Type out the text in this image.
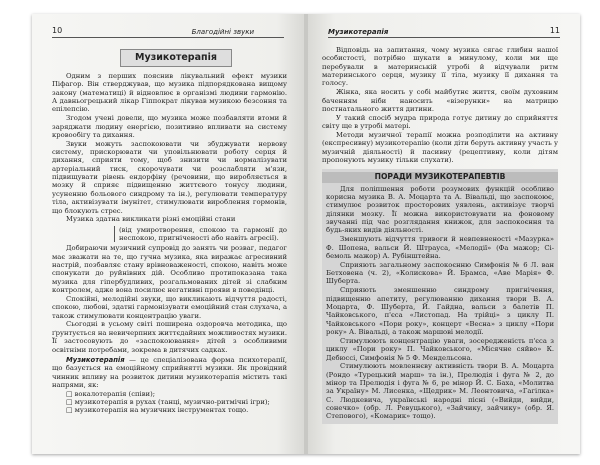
10	Благодійні звуки
Музикотерапія

Одним з перших пояснив лікувальний ефект музики Піфагор. Він стверджував, що музика підпорядкована вищому закону (математиці) й відновлює в організмі людини гармонію. А давньогрецький лікар Гіппократ лікував музикою безсоння та епілепсію.

Згодом учені довели, що музика може позбавляти втоми й заряджати людину енергією, позитивно впливати на систему кровообігу та дихання.

Звуки можуть заспокоювати чи збуджувати нервову систему, прискорювати чи уповільнювати роботу серця й дихання, сприяти тому, щоб знизити чи нормалізувати артеріальний тиск, скорочувати чи розслабляти м'язи, підвищувати рівень ендорфіну (речовини, що виробляється в мозку й сприяє підвищенню життєвого тонусу людини, усуненню больового синдрому та ін.), регулювати температуру тіла, активізувати імунітет, стимулювати вироблення гормонів, що блокують стрес.

Музика здатна викликати різні емоційні стани

(від умиротворення, спокою та гармонії до неспокою, пригніченості або навіть агресії).

Добираючи музичний супровід до занять чи розваг, педагог має зважати на те, що гучна музика, яка виражає агресивний настрій, позбавляє стану врівноваженості, спокою, навіть може спонукати до руйнівних дій. Особливо протипоказана така музика для гіпербудливих, розгальмованих дітей зі слабким контролем, адже вона посилює негативні прояви в поведінці.

Спокійні, мелодійні звуки, що викликають відчуття радості, спокою, любові, здатні гармонізувати емоційний стан слухача, а також стимулювати концентрацію уваги.

Сьогодні в усьому світі поширена оздоровча методика, що ґрунтується на невичерпних життєдайних можливостях музики. Її застосовують до «заспокоювання» дітей з особливими освітніми потребами, зокрема в дитячих садках.

Музикотерапія — це спеціалізована форма психотерапії, що базується на емоційному сприйнятті музики. Як провідний чинник впливу на розвиток дитини музикотерапія містить такі напрями, як:

□ вокалотерапія (співи);
□ музикотерапія в рухах (танці, музично-ритмічні ігри);
□ музикотерапія на музичних інструментах тощо.
Музикотерапія	11

Відповідь на запитання, чому музика сягає глибин нашої особистості, потрібно шукати в минулому, коли ми ще перебували в материнській утробі й відчували ритм материнського серця, музику її тіла, музику її дихання та голосу.

Жінка, яка носить у собі майбутнє життя, своїм духовним баченням ніби наносить «візерунки» на матрицю постнатального життя дитини.

У такий спосіб мудра природа готує дитину до сприйняття світу ще в утробі матері.

Методи музичної терапії можна розподілити на активну (експресивну) музикотерапію (коли діти беруть активну участь у музичній діяльності) й пасивну (рецептивну, коли дітям пропонують музику тільки слухати).

ПОРАДИ МУЗИКОТЕРАПЕВТІВ

Для поліпшення роботи розумових функцій особливо корисна музика В. А. Моцарта та А. Вівальді, що заспокоює, стимулює розвиток просторових уявлень, активізує творчі ділянки мозку. Її можна використовувати на фоновому звучанні під час розглядання книжок, для заспокоєння та будь-яких видів діяльності.

Зменшують відчуття тривоги й невпевненості «Мазурка» Ф. Шопена, вальси Й. Штрауса, «Мелодії» (Фа мажор; Сі-бемоль мажор) А. Рубінштейна.

Сприяють загальному заспокоєнню Симфонія № 6 Л. ван Бетховена (ч. 2), «Колискова» Й. Брамса, «Аве Марія» Ф. Шуберта.

Сприяють зменшенню синдрому пригнічення, підвищенню апетиту, регулюванню дихання твори В. А. Моцарта, Ф. Шуберта, Й. Гайдна, вальси з балетів П. Чайковського, п'єса «Листопад. На трійці» з циклу П. Чайковського «Пори року», концерт «Весна» з циклу «Пори року» А. Вівальді, а також маршові мелодії.

Стимулюють концентрацію уваги, зосередженість п'єса з циклу «Пори року» П. Чайковського, «Місячне сяйво» К. Дебюссі, Симфонія № 5 Ф. Мендельсона.

Стимулюють мовленнєву активність твори В. А. Моцарта (Рондо «Турецький марш» та ін.), Прелюдія і фуга № 2, до мінор та Прелюдія і фуга № 6, ре мінор Й. С. Баха, «Молитва за Україну» М. Лисенка, «Щедрик» М. Леонтовича, «Гагілка» С. Людкевича, українські народні пісні («Вийди, вийди, сонечко» (обр. Л. Ревуцького), «Зайчику, зайчику» (обр. Я. Степового), «Комарик» тощо).
